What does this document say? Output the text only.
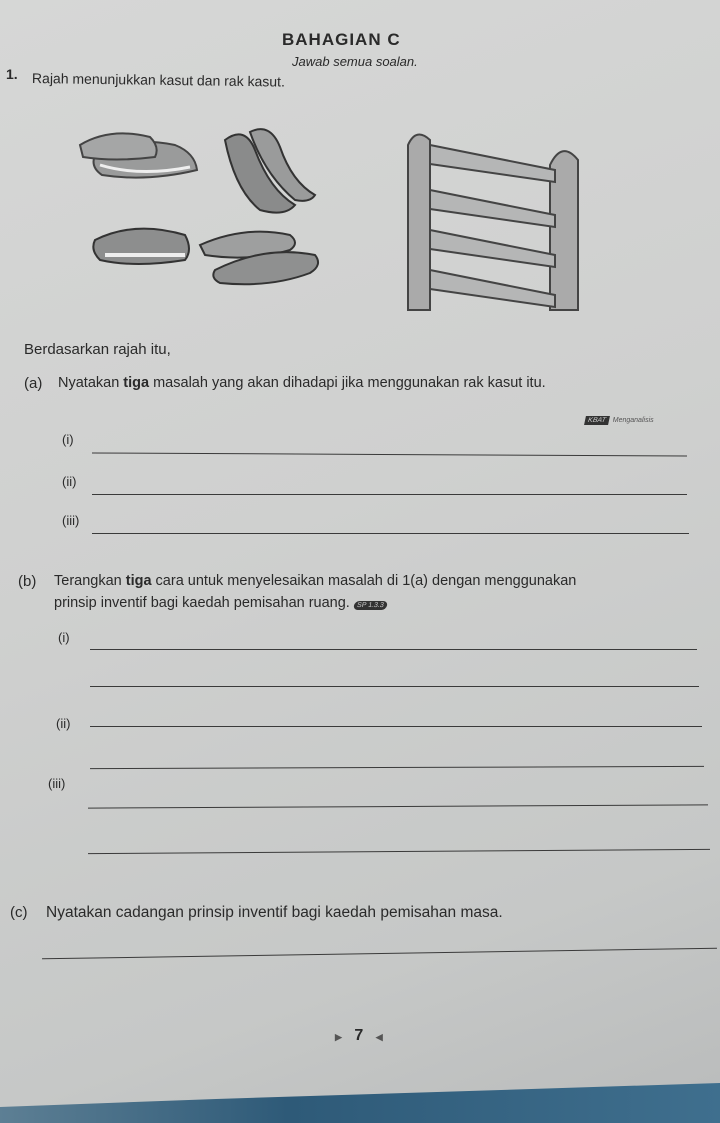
BAHAGIAN C
Jawab semua soalan.
1. Rajah menunjukkan kasut dan rak kasut.
Berdasarkan rajah itu,
(a) Nyatakan tiga masalah yang akan dihadapi jika menggunakan rak kasut itu.
KBAT Menganalisis
(i)
(ii)
(iii)
(b) Terangkan tiga cara untuk menyelesaikan masalah di 1(a) dengan menggunakan
prinsip inventif bagi kaedah pemisahan ruang. SP 1.3.3
(i)
(ii)
(iii)
(c) Nyatakan cadangan prinsip inventif bagi kaedah pemisahan masa.
▶ 7 ◀
